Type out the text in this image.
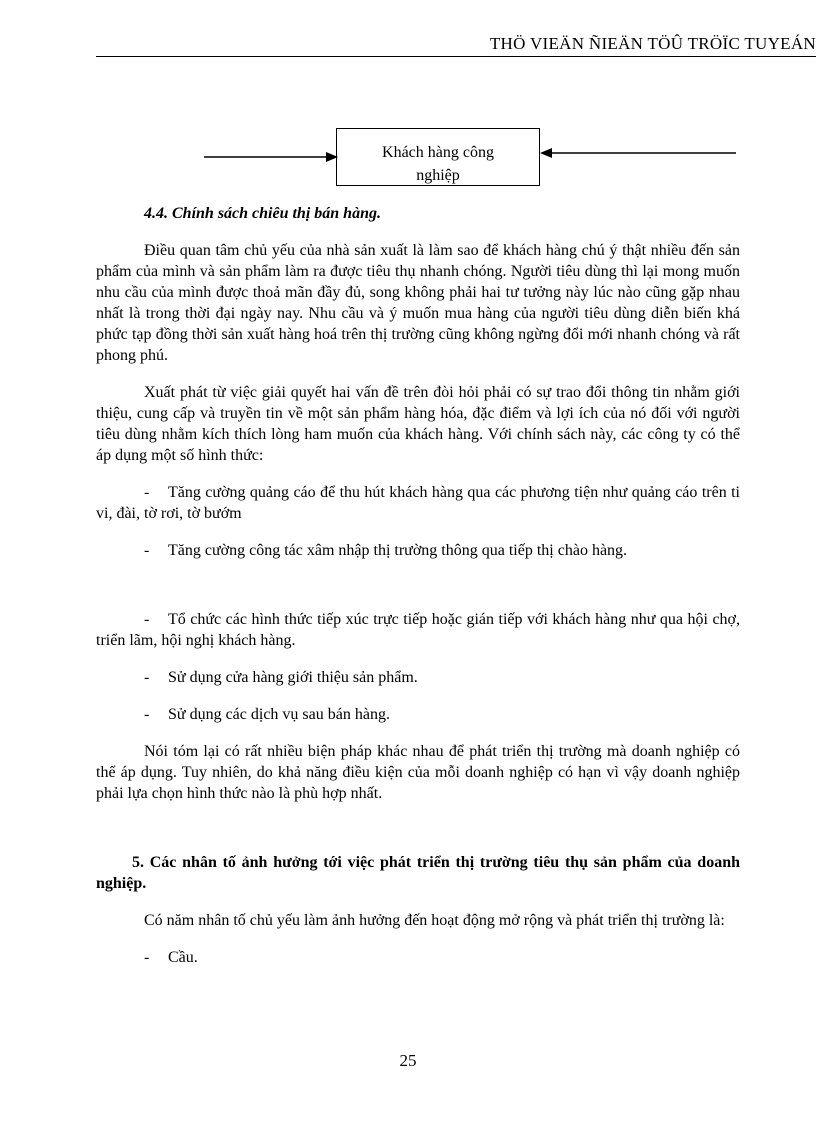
THÖ VIEÄN ÑIEÄN TÖÛ TRÖÏC TUYEÁN
Khách hàng công nghiệp

4.4. Chính sách chiêu thị bán hàng.

Điều quan tâm chủ yếu của nhà sản xuất là làm sao để khách hàng chú ý thật nhiều đến sản phẩm của mình và sản phẩm làm ra được tiêu thụ nhanh chóng. Người tiêu dùng thì lại mong muốn nhu cầu của mình được thoả mãn đầy đủ, song không phải hai tư tưởng này lúc nào cũng gặp nhau nhất là trong thời đại ngày nay. Nhu cầu và ý muốn mua hàng của người tiêu dùng diễn biến khá phức tạp đồng thời sản xuất hàng hoá trên thị trường cũng không ngừng đổi mới nhanh chóng và rất phong phú.

Xuất phát từ việc giải quyết hai vấn đề trên đòi hỏi phải có sự trao đổi thông tin nhằm giới thiệu, cung cấp và truyền tin về một sản phẩm hàng hóa, đặc điểm và lợi ích của nó đối với người tiêu dùng nhằm kích thích lòng ham muốn của khách hàng. Với chính sách này, các công ty có thể áp dụng một số hình thức:

- Tăng cường quảng cáo để thu hút khách hàng qua các phương tiện như quảng cáo trên ti vi, đài, tờ rơi, tờ bướm

- Tăng cường công tác xâm nhập thị trường thông qua tiếp thị chào hàng.

- Tổ chức các hình thức tiếp xúc trực tiếp hoặc gián tiếp với khách hàng như qua hội chợ, triển lãm, hội nghị khách hàng.

- Sử dụng cửa hàng giới thiệu sản phẩm.

- Sử dụng các dịch vụ sau bán hàng.

Nói tóm lại có rất nhiều biện pháp khác nhau để phát triển thị trường mà doanh nghiệp có thể áp dụng. Tuy nhiên, do khả năng điều kiện của mỗi doanh nghiệp có hạn vì vậy doanh nghiệp phải lựa chọn hình thức nào là phù hợp nhất.

5. Các nhân tố ảnh hưởng tới việc phát triển thị trường tiêu thụ sản phẩm của doanh nghiệp.

Có năm nhân tố chủ yếu làm ảnh hưởng đến hoạt động mở rộng và phát triển thị trường là:

- Cầu.

25
